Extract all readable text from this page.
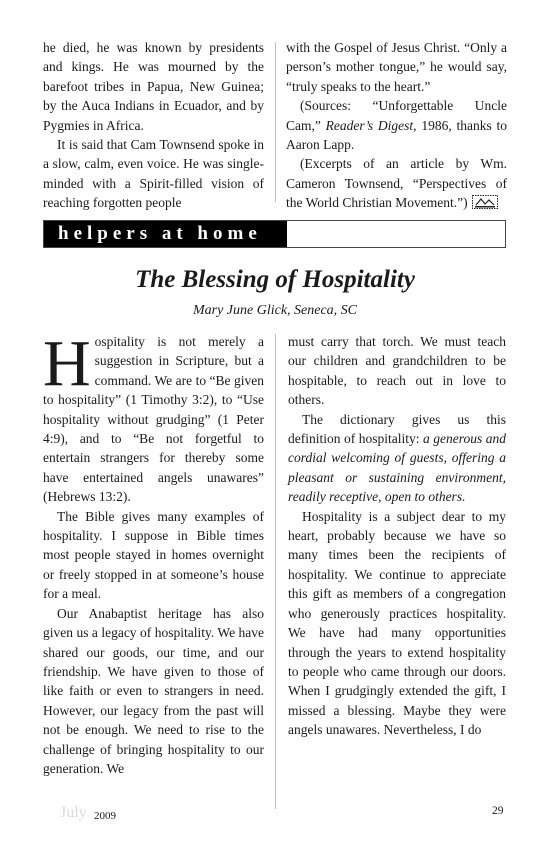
he died, he was known by presidents and kings. He was mourned by the barefoot tribes in Papua, New Guinea; by the Auca Indians in Ecuador, and by Pygmies in Africa.

It is said that Cam Townsend spoke in a slow, calm, even voice. He was single-minded with a Spirit-filled vision of reaching forgotten people

with the Gospel of Jesus Christ. “Only a person’s mother tongue,” he would say, “truly speaks to the heart.”

(Sources: “Unforgettable Uncle Cam,” Reader’s Digest, 1986, thanks to Aaron Lapp.

(Excerpts of an article by Wm. Cameron Townsend, “Perspectives of the World Christian Movement.”)

helpers at home
The Blessing of Hospitality
Mary June Glick, Seneca, SC

Hospitality is not merely a suggestion in Scripture, but a command. We are to “Be given to hospitality” (1 Timothy 3:2), to “Use hospitality without grudging” (1 Peter 4:9), and to “Be not forgetful to entertain strangers for thereby some have entertained angels unawares” (Hebrews 13:2).

The Bible gives many examples of hospitality. I suppose in Bible times most people stayed in homes overnight or freely stopped in at someone’s house for a meal.

Our Anabaptist heritage has also given us a legacy of hospitality. We have shared our goods, our time, and our friendship. We have given to those of like faith or even to strangers in need. However, our legacy from the past will not be enough. We need to rise to the challenge of bringing hospitality to our generation. We

must carry that torch. We must teach our children and grandchildren to be hospitable, to reach out in love to others.

The dictionary gives us this definition of hospitality: a generous and cordial welcoming of guests, offering a pleasant or sustaining environment, readily receptive, open to others.

Hospitality is a subject dear to my heart, probably because we have so many times been the recipients of hospitality. We continue to appreciate this gift as members of a congregation who generously practices hospitality. We have had many opportunities through the years to extend hospitality to people who came through our doors. When I grudgingly extended the gift, I missed a blessing. Maybe they were angels unawares. Nevertheless, I do

July 2009	29
